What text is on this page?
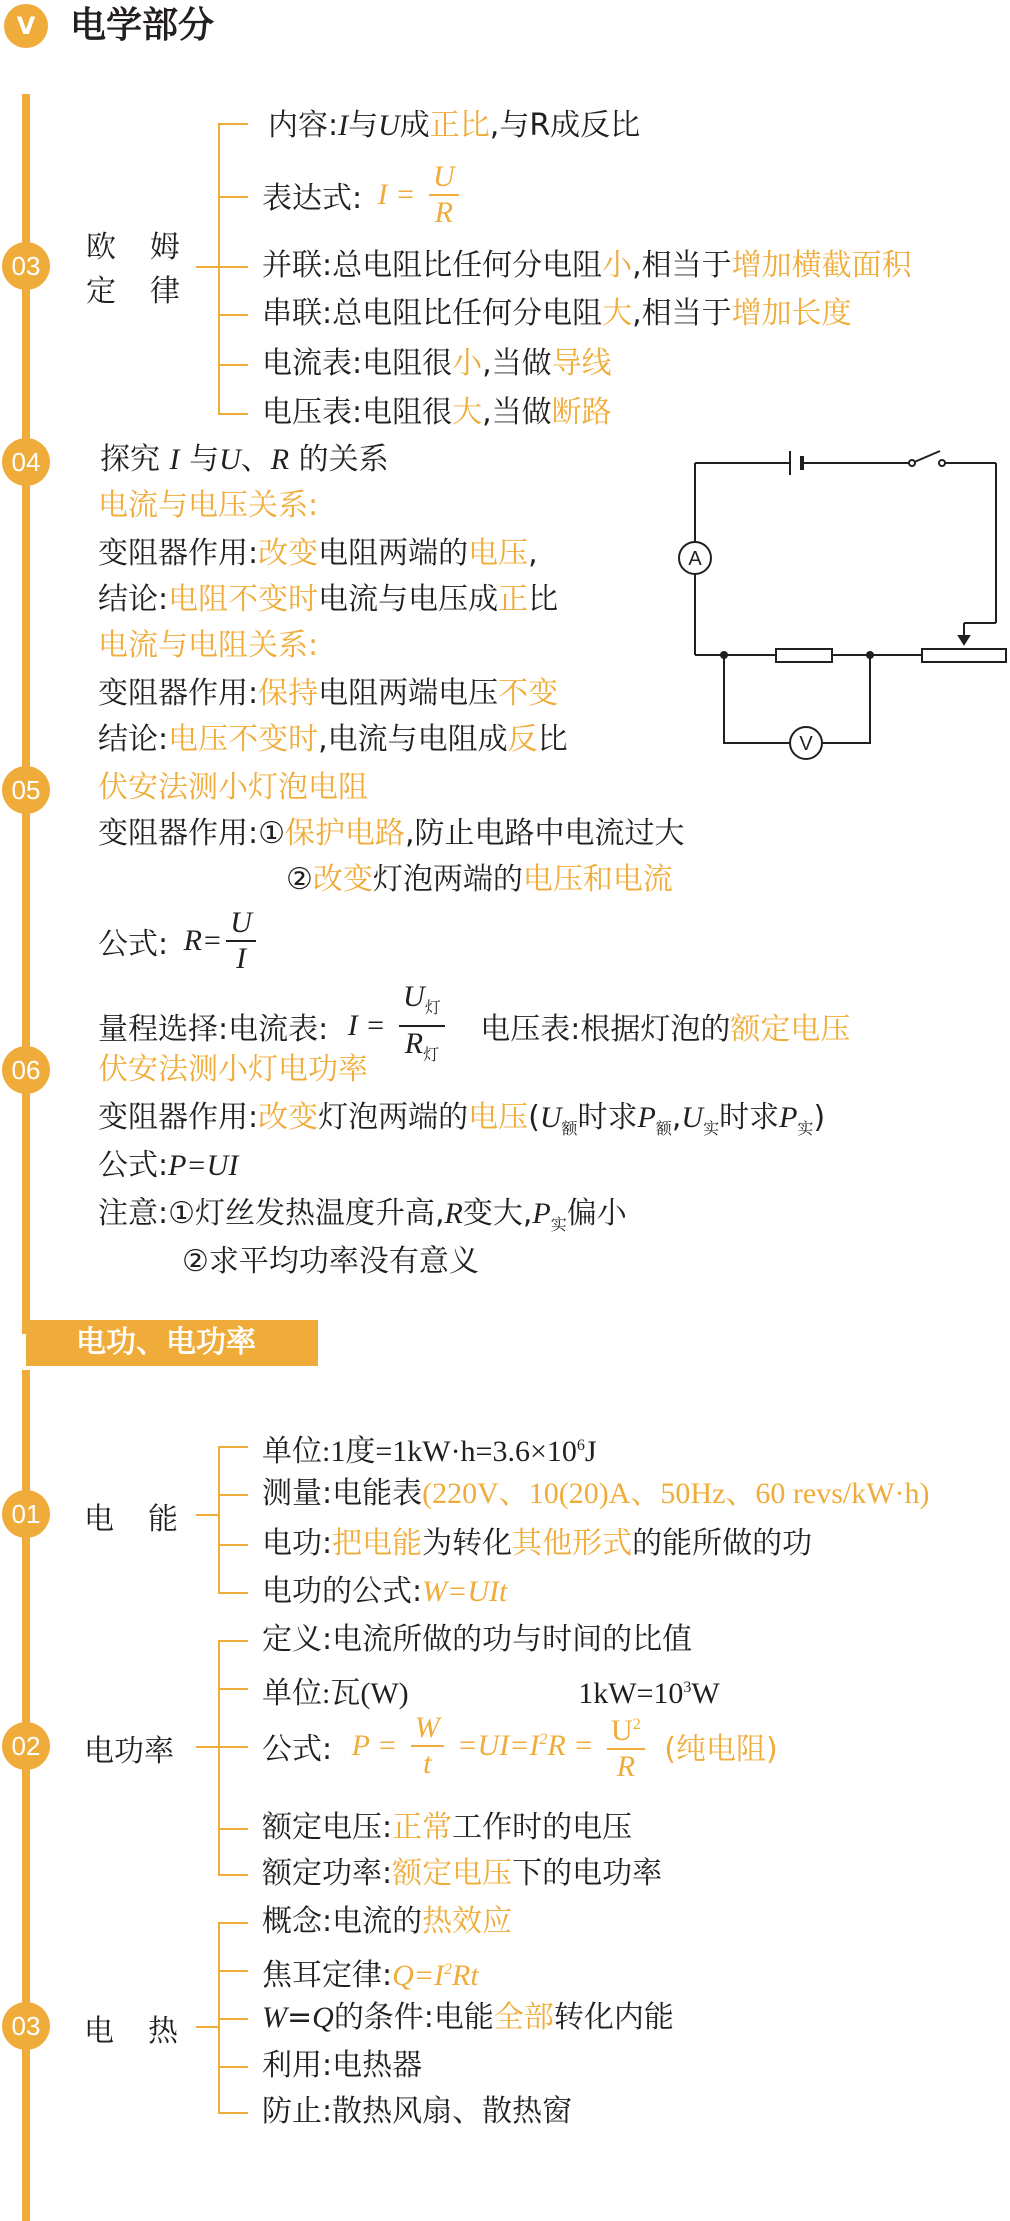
V 电学部分
03
欧　姆
定　律
内容:I与U成正比,与R成反比
表达式: $I = \frac{U}{R}$
并联:总电阻比任何分电阻小,相当于增加横截面积
串联:总电阻比任何分电阻大,相当于增加长度
电流表:电阻很小,当做导线
电压表:电阻很大,当做断路
04	探究 I 与U、R 的关系
电流与电压关系:
变阻器作用:改变电阻两端的电压,
结论:电阻不变时电流与电压成正比
电流与电阻关系:
变阻器作用:保持电阻两端电压不变
结论:电压不变时,电流与电阻成反比
A
V
05	伏安法测小灯泡电阻
变阻器作用:①保护电路,防止电路中电流过大
②改变灯泡两端的电压和电流
公式: $R= \frac{U}{I}$
量程选择:电流表: $I = \frac{U_灯}{R_灯}$ 电压表:根据灯泡的额定电压
06	伏安法测小灯电功率
变阻器作用:改变灯泡两端的电压($U_额$时求$P_额,U_实$时求$P_实$)
公式:P=UI
注意:①灯丝发热温度升高,R变大$,P_实$偏小
②求平均功率没有意义
电功、电功率
01	电　能
单位:1度$=1kW\cdot h=3.6\times 10^6J$
测量:电能表(220V、10(20)A、50Hz、60 revs/kW·h)
电功:把电能为转化其他形式的能所做的功
电功的公式:W=UIt
02	电功率
定义:电流所做的功与时间的比值
单位:瓦(W)	$1kW=10^3W$
公式: $P = \frac{W}{t} =UI=I^2R = \frac{U^2}{R}$ (纯电阻)
额定电压:正常工作时的电压
额定功率:额定电压下的电功率
03	电　热
概念:电流的热效应
焦耳定律$:Q=I^2Rt$
W=Q的条件:电能全部转化内能
利用:电热器
防止:散热风扇、散热窗
